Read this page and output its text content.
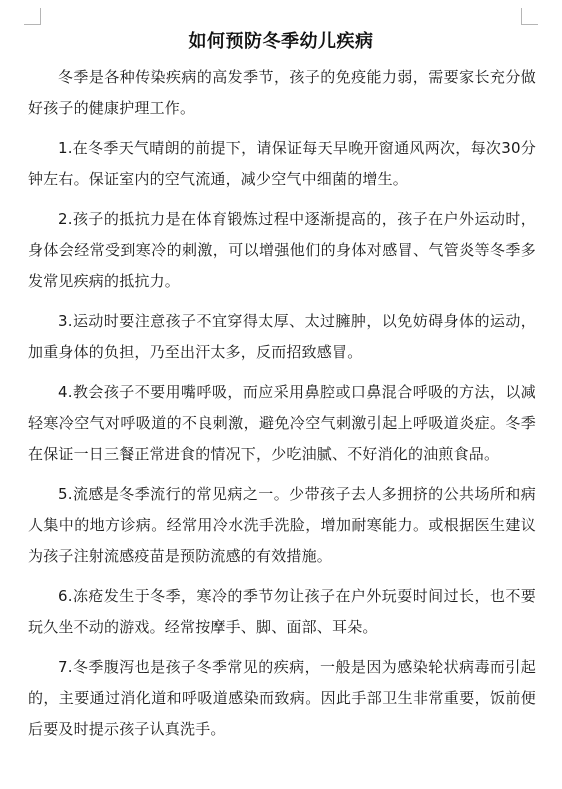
如何预防冬季幼儿疾病

冬季是各种传染疾病的高发季节，孩子的免疫能力弱，需要家长充分做好孩子的健康护理工作。

1.在冬季天气晴朗的前提下，请保证每天早晚开窗通风两次，每次30分钟左右。保证室内的空气流通，减少空气中细菌的增生。

2.孩子的抵抗力是在体育锻炼过程中逐渐提高的，孩子在户外运动时，身体会经常受到寒冷的刺激，可以增强他们的身体对感冒、气管炎等冬季多发常见疾病的抵抗力。

3.运动时要注意孩子不宜穿得太厚、太过臃肿，以免妨碍身体的运动，加重身体的负担，乃至出汗太多，反而招致感冒。

4.教会孩子不要用嘴呼吸，而应采用鼻腔或口鼻混合呼吸的方法，以减轻寒冷空气对呼吸道的不良刺激，避免冷空气刺激引起上呼吸道炎症。冬季在保证一日三餐正常进食的情况下，少吃油腻、不好消化的油煎食品。

5.流感是冬季流行的常见病之一。少带孩子去人多拥挤的公共场所和病人集中的地方诊病。经常用冷水洗手洗脸，增加耐寒能力。或根据医生建议为孩子注射流感疫苗是预防流感的有效措施。

6.冻疮发生于冬季，寒冷的季节勿让孩子在户外玩耍时间过长，也不要玩久坐不动的游戏。经常按摩手、脚、面部、耳朵。

7.冬季腹泻也是孩子冬季常见的疾病，一般是因为感染轮状病毒而引起的，主要通过消化道和呼吸道感染而致病。因此手部卫生非常重要，饭前便后要及时提示孩子认真洗手。
